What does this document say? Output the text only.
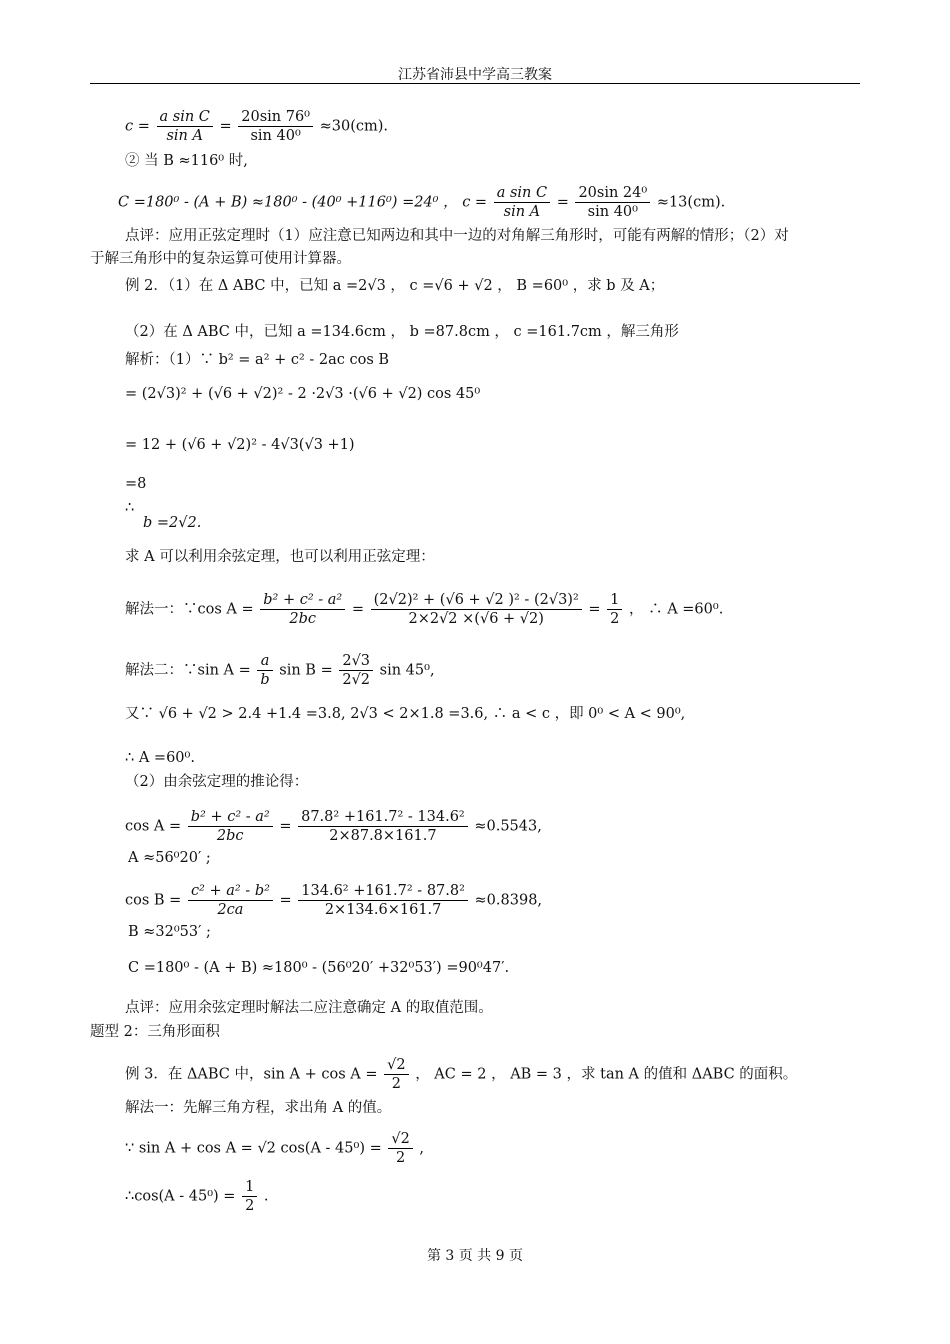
江苏省沛县中学高三教案
$c = \frac{\text{a sin C}}{\text{sin A}} = \frac{\text{20sin 76⁰}}{\text{sin 40⁰}} \approx 30(cm)$.
② 当 B ≈116⁰ 时,
C =180⁰ - (A + B) ≈180⁰ - (40⁰ +116⁰) =24⁰ ， $c = \frac{\text{a sin C}}{\text{sin A}} = \frac{\text{20sin 24⁰}}{\text{sin 40⁰}} \approx 13(cm)$.
点评：应用正弦定理时（1）应注意已知两边和其中一边的对角解三角形时，可能有两解的情形；（2）对
于解三角形中的复杂运算可使用计算器。
例 2．（1）在 Δ ABC 中，已知 a =2√3 ， c =√6 + √2 ， B =60⁰ ，求 b 及 A；
（2）在 Δ ABC 中，已知 a =134.6cm ， b =87.8cm ， c =161.7cm ，解三角形
解析：（1）∵ b² = a² + c² - 2ac cos B
= (2√3)² + (√6 + √2)² - 2 ·2√3 ·(√6 + √2) cos 45⁰
= 12 + (√6 + √2)² - 4√3(√3 +1)
=8
∴
b =2√2.
求 A 可以利用余弦定理，也可以利用正弦定理：
解法一：∵cos $A = \frac{\text{b² + c² - a²}}{2bc} = \frac{\text{(2√2)² + (√6 + √2 )² - (2√3)²}}{2\times 2√2 \times(√6 + √2)} = \frac{1}{2}$ ， ∴ A =60⁰.
解法二：∵sin $A = \frac{a}{b}$ $\sin B = \frac{2√3}{2√2}$ sin 45⁰,
又∵ √6 + √2 > 2.4 +1.4 =3.8, 2√3 < 2×1.8 =3.6, ∴ a < c ，即 0⁰ < A < 90⁰,
∴ A =60⁰.
（2）由余弦定理的推论得：
$\cos A = \frac{\text{b² + c² - a²}}{2bc} = \frac{\text{87.8² +161.7² - 134.6²}}{2\times 87.8\times 161.7} \approx 0.5543$,
A ≈56⁰20′ ;
$\cos B = \frac{\text{c² + a² - b²}}{2ca} = \frac{\text{134.6² +161.7² - 87.8²}}{2\times 134.6\times 161.7} \approx 0.8398$,
B ≈32⁰53′ ;
C =180⁰ - (A + B) ≈180⁰ - (56⁰20′ +32⁰53′) =90⁰47′.
点评：应用余弦定理时解法二应注意确定 A 的取值范围。
题型 2：三角形面积
例 3．在 ΔABC 中，$\sin A + \cos A = \frac{√2}{2}$ ， AC = 2 ， AB = 3 ，求 tan A 的值和 ΔABC 的面积。
解法一：先解三角方程，求出角 A 的值。
∵ sin A + cos A = √2 $\cos(A - 45^0) = \frac{√2}{2}$ ,
∴cos(A - $45^0) = \frac{1}{2}$ .
第 3 页 共 9 页
